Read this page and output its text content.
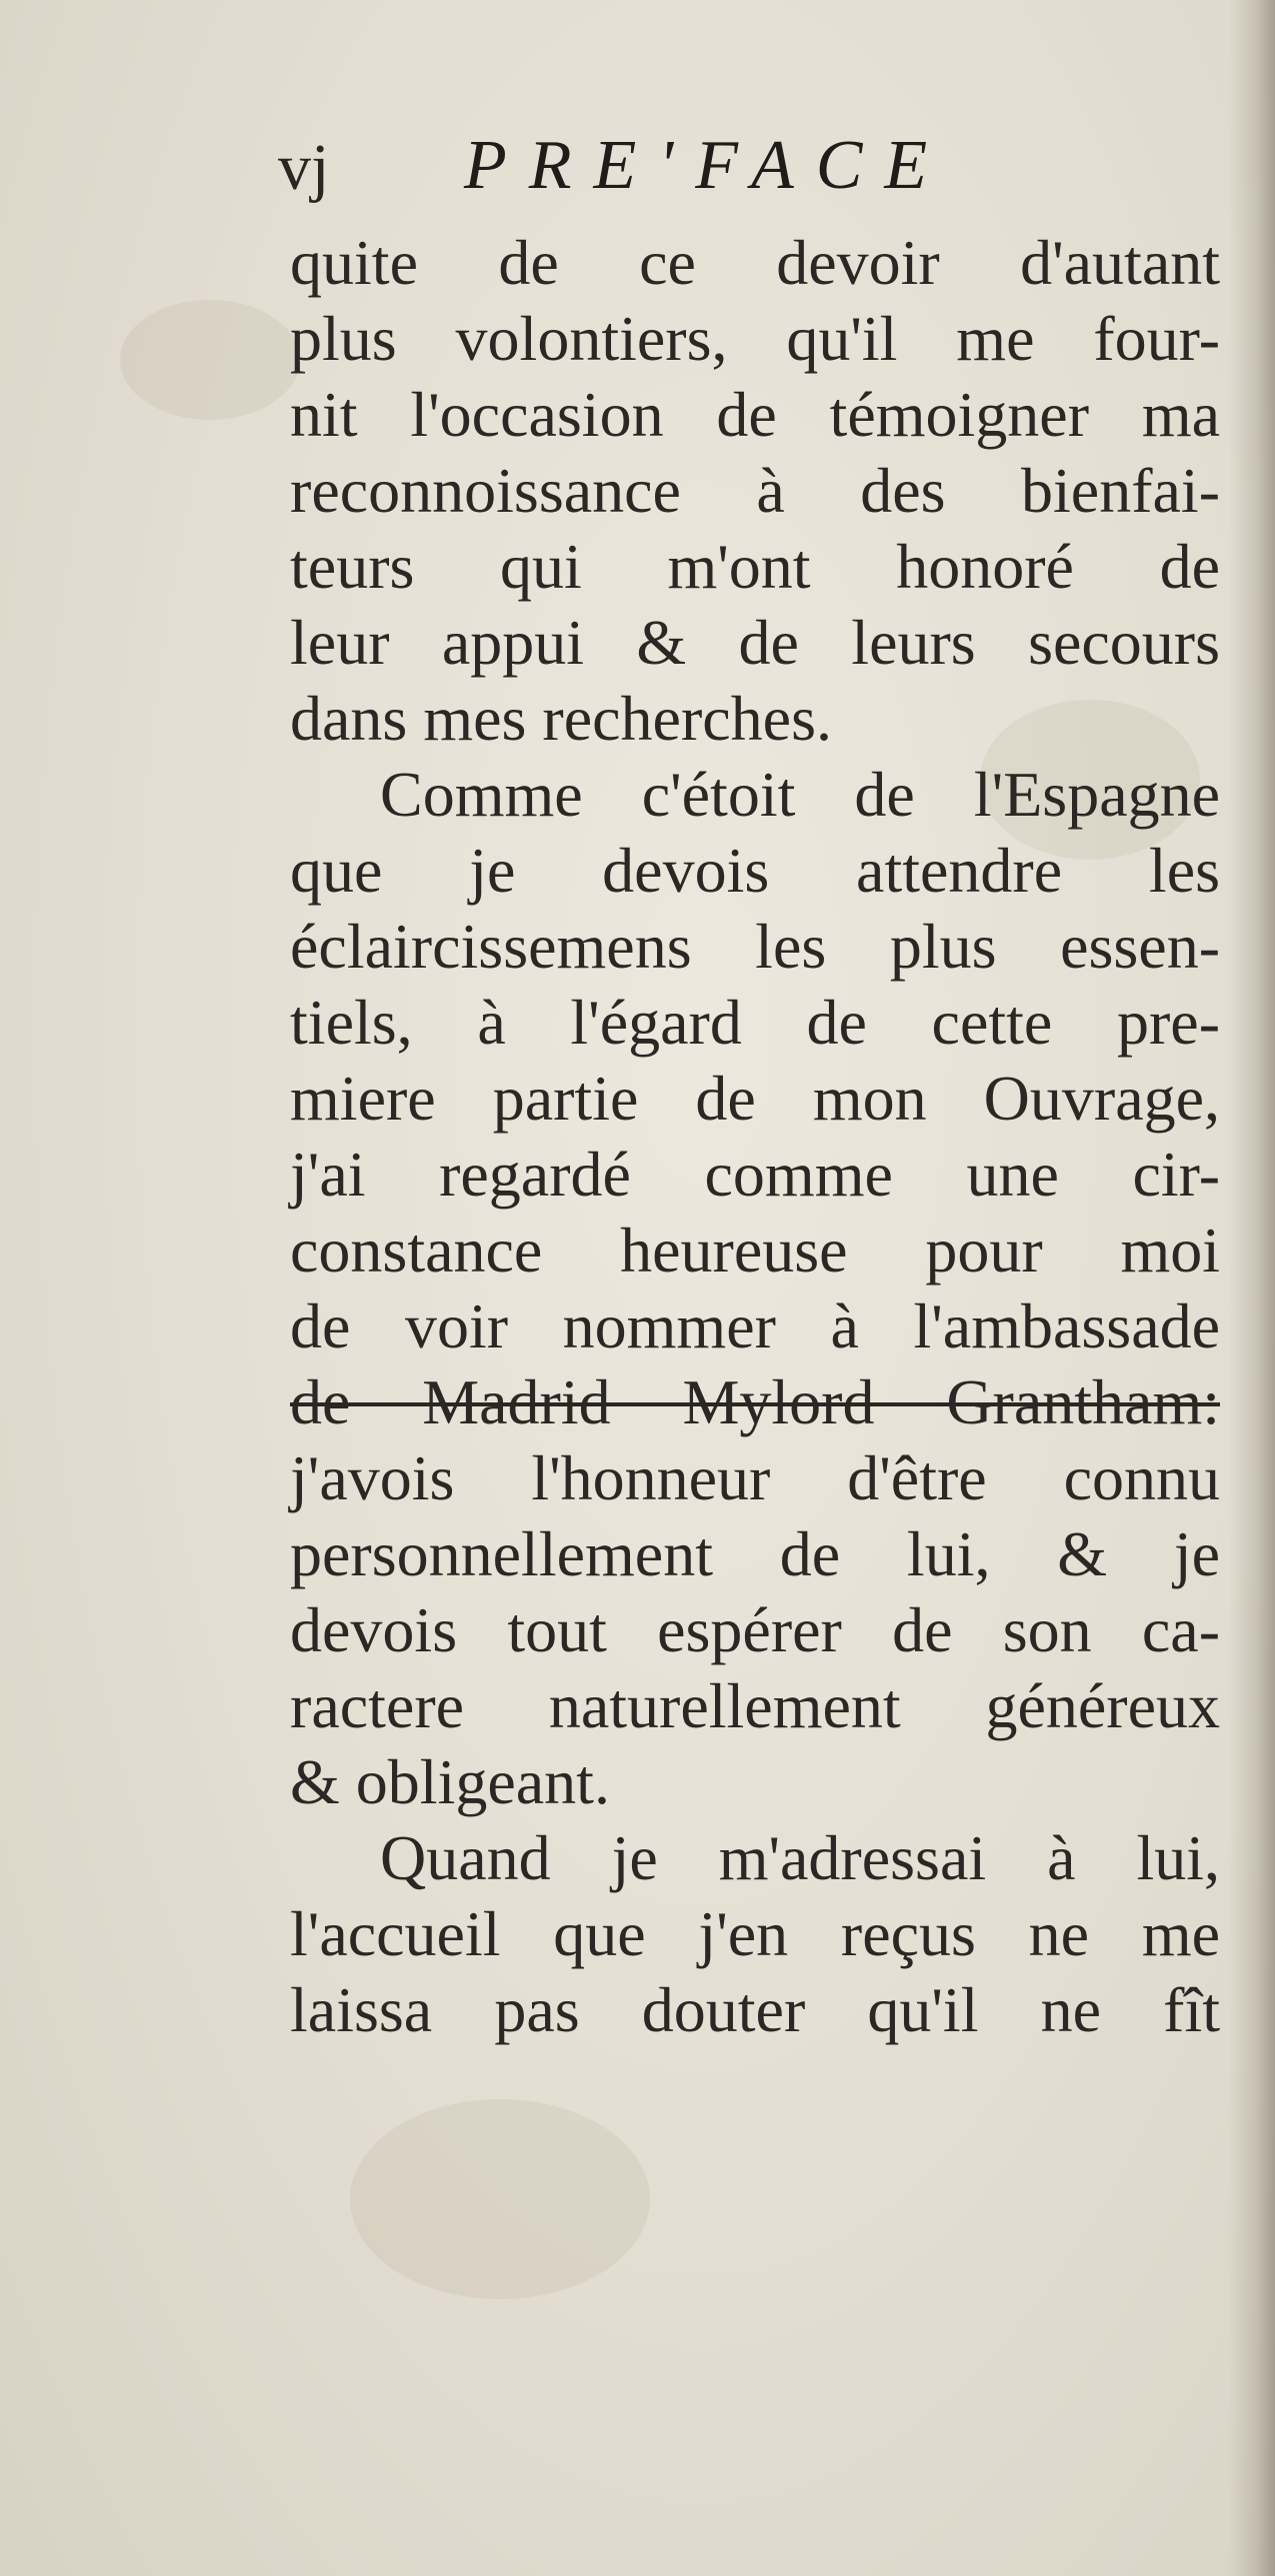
vj PRE'FACE
quite de ce devoir d'autant
plus volontiers, qu'il me four-
nit l'occasion de témoigner ma
reconnoissance à des bienfai-
teurs qui m'ont honoré de
leur appui & de leurs secours
dans mes recherches.
Comme c'étoit de l'Espagne
que je devois attendre les
éclaircissemens les plus essen-
tiels, à l'égard de cette pre-
miere partie de mon Ouvrage,
j'ai regardé comme une cir-
constance heureuse pour moi
de voir nommer à l'ambassade
de Madrid Mylord Grantham:
j'avois l'honneur d'être connu
personnellement de lui, & je
devois tout espérer de son ca-
ractere naturellement généreux
& obligeant.
Quand je m'adressai à lui,
l'accueil que j'en reçus ne me
laissa pas douter qu'il ne fît
